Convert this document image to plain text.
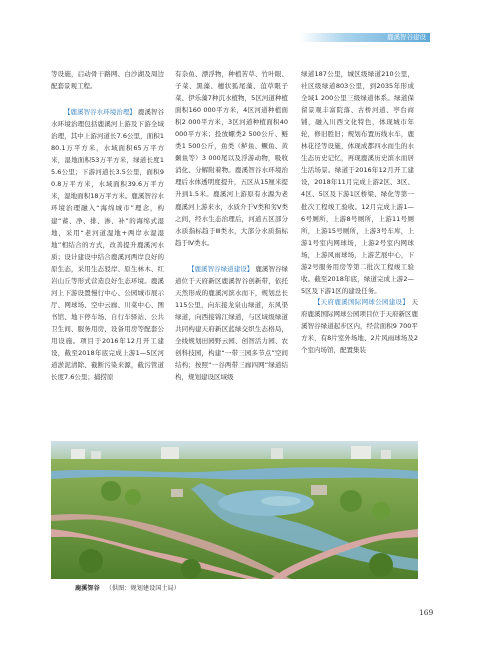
鹿溪智谷建设

等设施，启动骨干路网、白沙湖及周边配套景观工程。

【鹿溪智谷水环境治理】 鹿溪智谷水环境治理包括鹿溪河上游及下游全域治理，其中上游河道长7.6公里，面积180.1万平方米，水域面积65万平方米，湿地面积53万平方米，绿道长度15.6公里；下游河道长3.5公里，面积90.8万平方米，水域面积39.6万平方米，湿地面积18万平方米。鹿溪智谷水环境治理融入“海绵城市”理念，构建“蓄、净、排、渗、补”的海绵式湿地，采用“老河道湿地+两岸水湿湿地”相结合的方式，改善提升鹿溪河水质；设计建设中结合鹿溪河两岸良好的原生态，采用生态驳岸、原生林木、红岩山丘等形式营造良好生态环境。鹿溪河上下游设置慢行中心、公园城市展示厅、网球场、空中云廊、川菜中心、图书馆、地下停车场、自行车驿站、公共卫生间、服务用房、设备用房等配套公用设施。项目于2016年12月开工建设，截至2018年底完成上游1—5区河道淤泥清除、截断污染来源，截污管道长度7.6公里；捕捞原

有杂鱼、漂浮物，种植苦草、竹叶眼、子菜、黑藻、穗状狐尾藻、菹草眼子菜、伊乐藻7种沉水植物，5区河道种植面积160 000平方米，4区河道种植面积2 000平方米，3区河道种植面积40 000平方米；投放螺类2 500公斤、鲢类1 500公斤，鱼类（鲈鱼、鳜鱼、黄颡鱼等）3 000尾以及浮游动物，吸收消化、分解附着物。鹿溪智谷水环境治理后水体透明度提升，五区从15厘米提升到1.5米。鹿溪河上游原有水源为老鹿溪河上游来水，水质介于Ⅴ类和劣Ⅴ类之间，经水生态治理后，河道五区部分水质指标趋于Ⅲ类水，大部分水质指标趋于Ⅳ类水。

【鹿溪智谷绿道建设】 鹿溪智谷绿道位于天府新区鹿溪智谷创新带，依托天然形成的鹿溪河滨水而下，规划总长115公里，向东接龙泉山绿道，东风渠绿道，向西接锦江绿道，与区域级绿道共同构建天府新区蓝绿交织生态格局，全线规划田园野云园、创智活力园、农创科技园，构建“一带三园多节点”空间结构；按照“一谷两带三廊四网”绿道结构，规划建设区域级

绿道187公里，城区级绿道210公里，社区级绿道803公里，到2035年形成全域1 200公里三级绿道体系。绿道保留景观丰富院落、古桥河道、亭台商铺，融入川西文化特色，体现城市年轮，修旧胜旧；规划布置历线水车，鹿林花径等设施，体现成都四水而生的水生态历史记忆，再现鹿溪历史滨水而居生活场景。绿道于2016年12月开工建设，2018年11月完成上游2区、3区、4区、5区及下游1区桥梁、绿化等第一批次工程竣工验收。12月完成上游1—6号厕所，上游8号厕所，上游11号厕所，上游15号厕所，上游3号车库，上游1号室内网球场，上游2号室内网球场，上游风雨球场，上游艺展中心，下游2号服务用房等第二批次工程竣工验收。截至2018年底，绿道完成上游2—5区及下游1区的建设任务。

【天府鹿溪国际网球公园建设】 天府鹿溪国际网球公园项目位于天府新区鹿溪智谷绿道起步区内，经营面积9 700平方米，有8片室外场地、2片风雨球场及2个室内场馆，配置集装

鹿溪智谷 （供图：规划建设国土局）
169
